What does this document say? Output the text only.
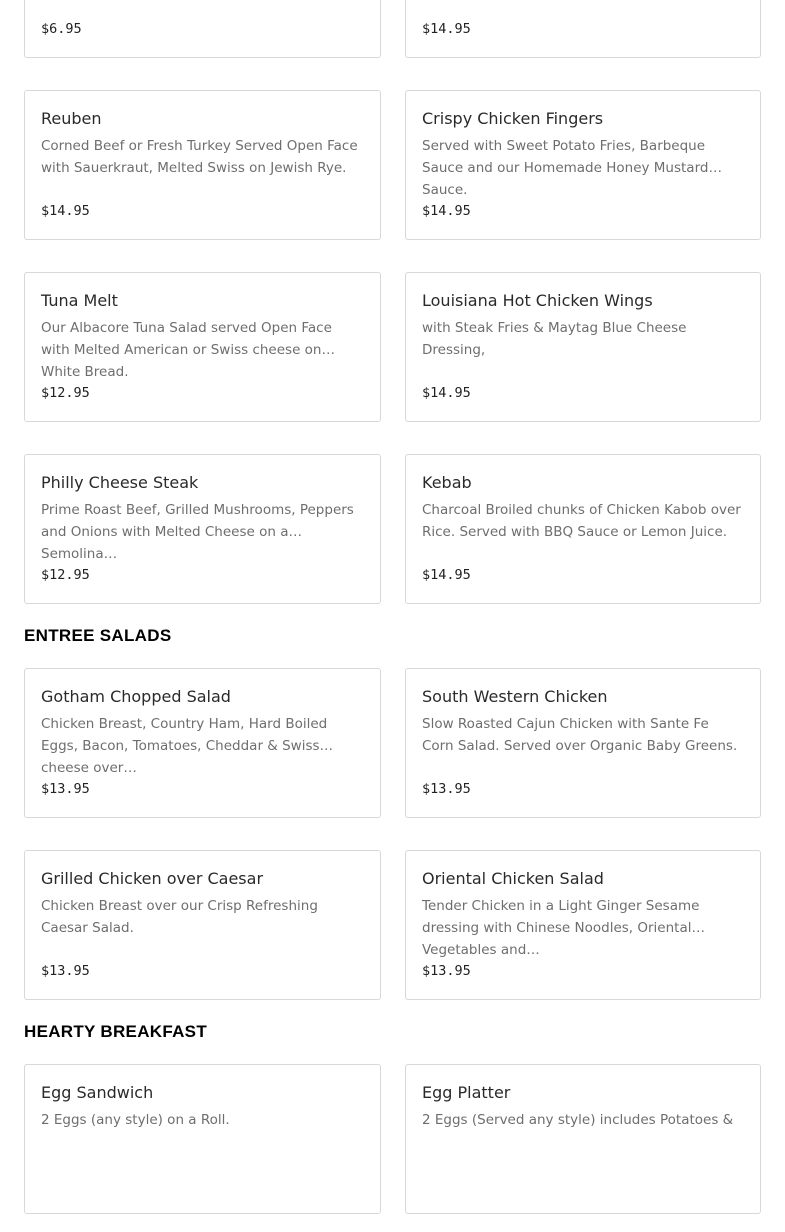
$6.95	$14.95
Reuben
Corned Beef or Fresh Turkey Served Open Face with Sauerkraut, Melted Swiss on Jewish Rye.
$14.95
Crispy Chicken Fingers
Served with Sweet Potato Fries, Barbeque Sauce and our Homemade Honey Mustard Sauce.
$14.95
Tuna Melt
Our Albacore Tuna Salad served Open Face with Melted American or Swiss cheese on White Bread.
$12.95
Louisiana Hot Chicken Wings
with Steak Fries & Maytag Blue Cheese Dressing,
$14.95
Philly Cheese Steak
Prime Roast Beef, Grilled Mushrooms, Peppers and Onions with Melted Cheese on a Semolina…
$12.95
Kebab
Charcoal Broiled chunks of Chicken Kabob over Rice. Served with BBQ Sauce or Lemon Juice.
$14.95
ENTREE SALADS
Gotham Chopped Salad
Chicken Breast, Country Ham, Hard Boiled Eggs, Bacon, Tomatoes, Cheddar & Swiss cheese over…
$13.95
South Western Chicken
Slow Roasted Cajun Chicken with Sante Fe Corn Salad. Served over Organic Baby Greens.
$13.95
Grilled Chicken over Caesar
Chicken Breast over our Crisp Refreshing Caesar Salad.
$13.95
Oriental Chicken Salad
Tender Chicken in a Light Ginger Sesame dressing with Chinese Noodles, Oriental Vegetables and…
$13.95
HEARTY BREAKFAST
Egg Sandwich
2 Eggs (any style) on a Roll.
Egg Platter
2 Eggs (Served any style) includes Potatoes &
